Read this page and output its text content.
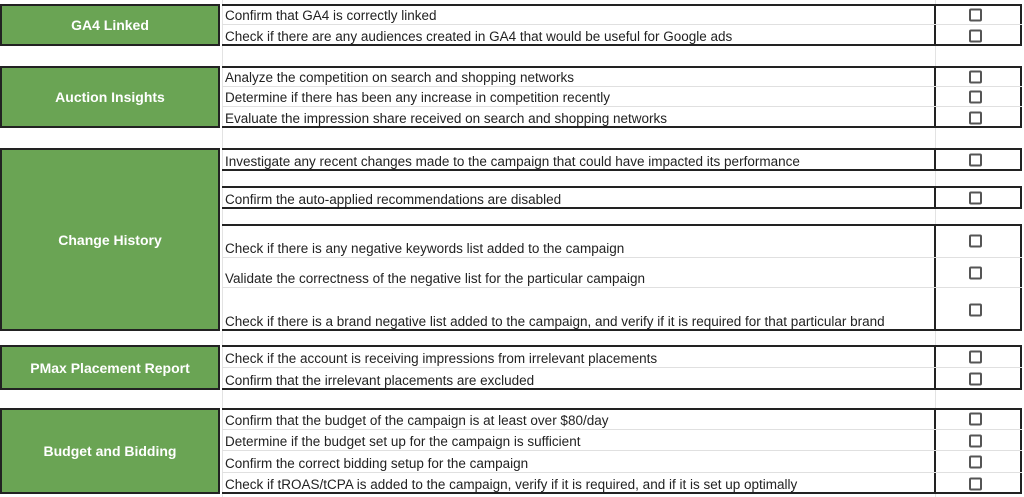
GA4 Linked
Confirm that GA4 is correctly linked
Check if there are any audiences created in GA4 that would be useful for Google ads
Auction Insights
Analyze the competition on search and shopping networks
Determine if there has been any increase in competition recently
Evaluate the impression share received on search and shopping networks
Change History
Investigate any recent changes made to the campaign that could have impacted its performance
Confirm the auto-applied recommendations are disabled
Check if there is any negative keywords list added to the campaign
Validate the correctness of the negative list for the particular campaign
Check if there is a brand negative list added to the campaign, and verify if it is required for that particular brand
PMax Placement Report
Check if the account is receiving impressions from irrelevant placements
Confirm that the irrelevant placements are excluded
Budget and Bidding
Confirm that the budget of the campaign is at least over $80/day
Determine if the budget set up for the campaign is sufficient
Confirm the correct bidding setup for the campaign
Check if tROAS/tCPA is added to the campaign, verify if it is required, and if it is set up optimally
